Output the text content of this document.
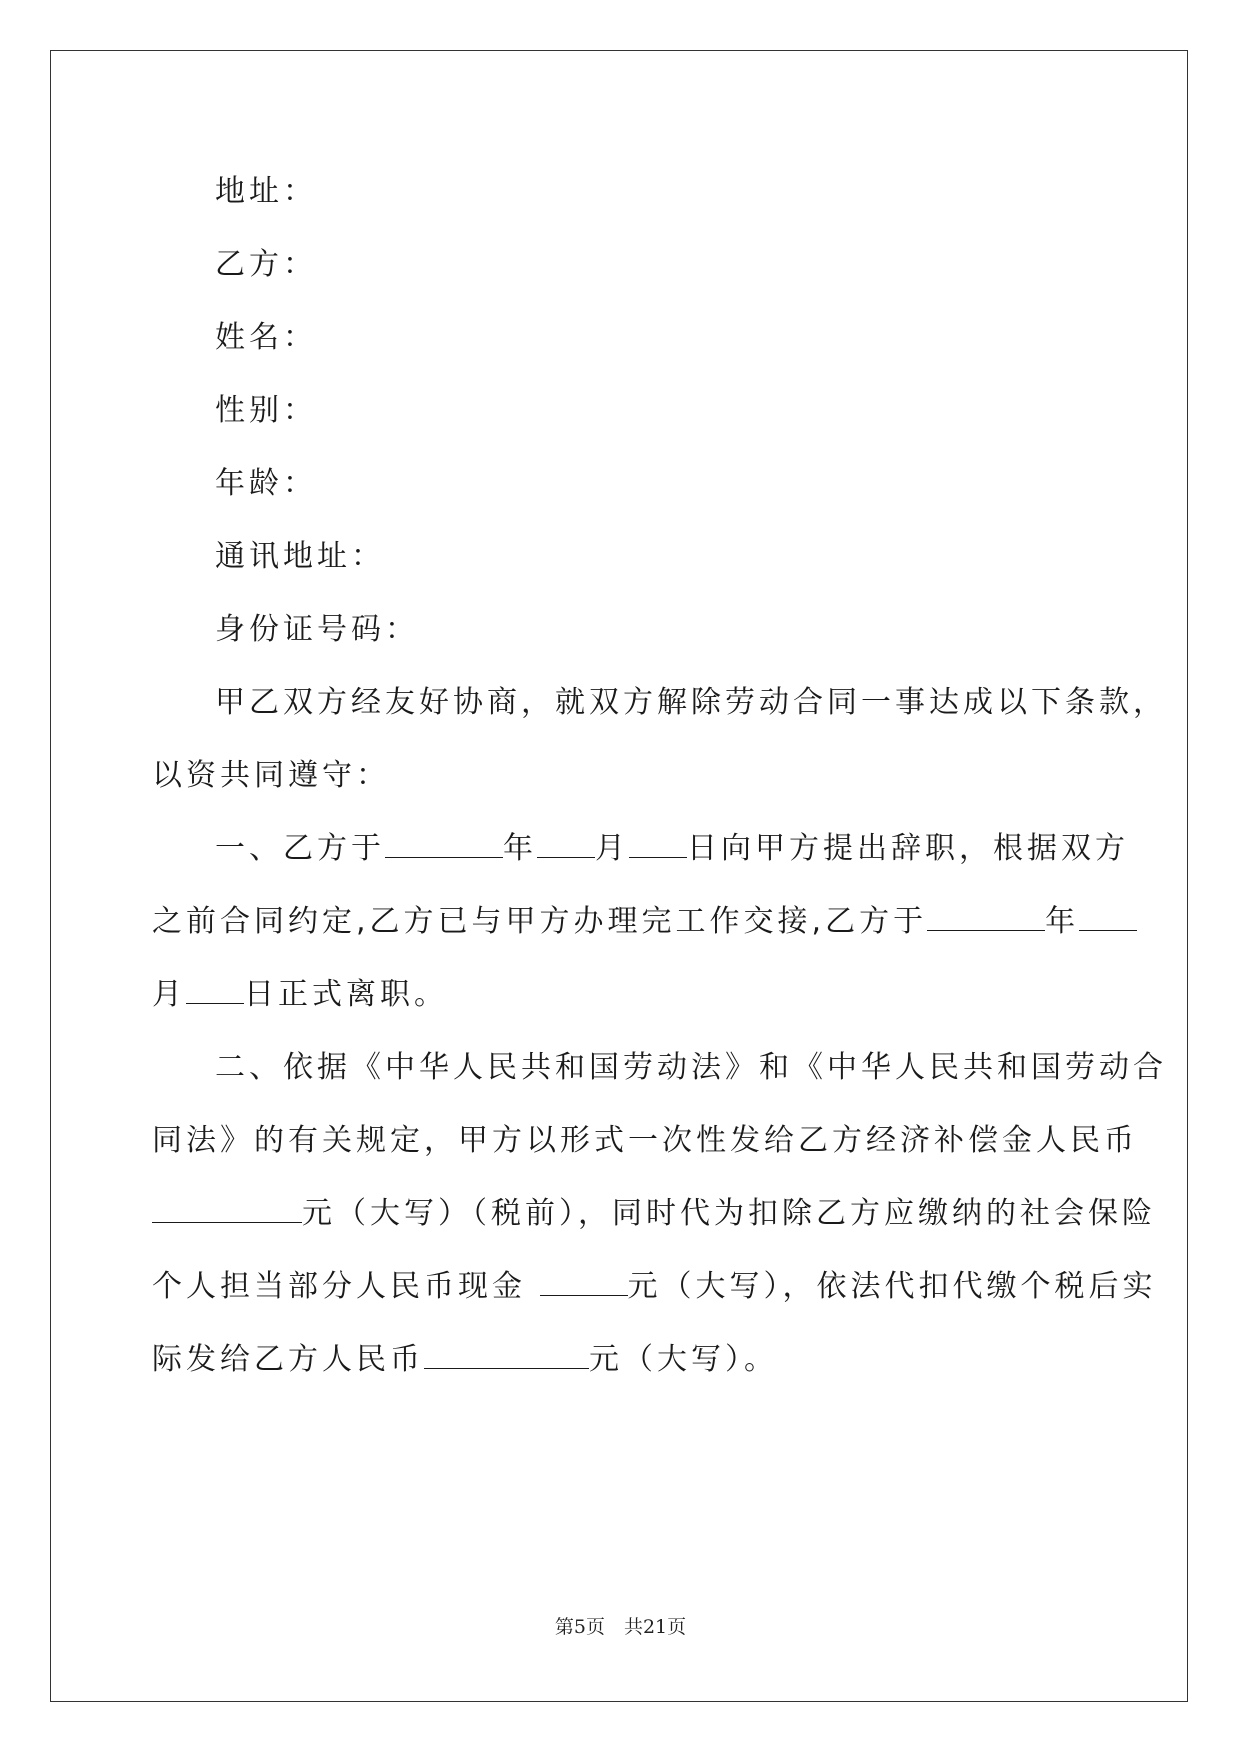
地址：
乙方：
姓名：
性别：
年龄：
通讯地址：
身份证号码：
甲乙双方经友好协商，就双方解除劳动合同一事达成以下条款，
以资共同遵守：
一、乙方于	年 月 日向甲方提出辞职，根据双方
之前合同约定,乙方已与甲方办理完工作交接,乙方于	年
月 日正式离职。
二、依据《中华人民共和国劳动法》和《中华人民共和国劳动合
同法》的有关规定，甲方以形式一次性发给乙方经济补偿金人民币
元（大写）（税前），同时代为扣除乙方应缴纳的社会保险
个人担当部分人民币现金	元（大写），依法代扣代缴个税后实
际发给乙方人民币	元（大写）。
第5页　共21页
